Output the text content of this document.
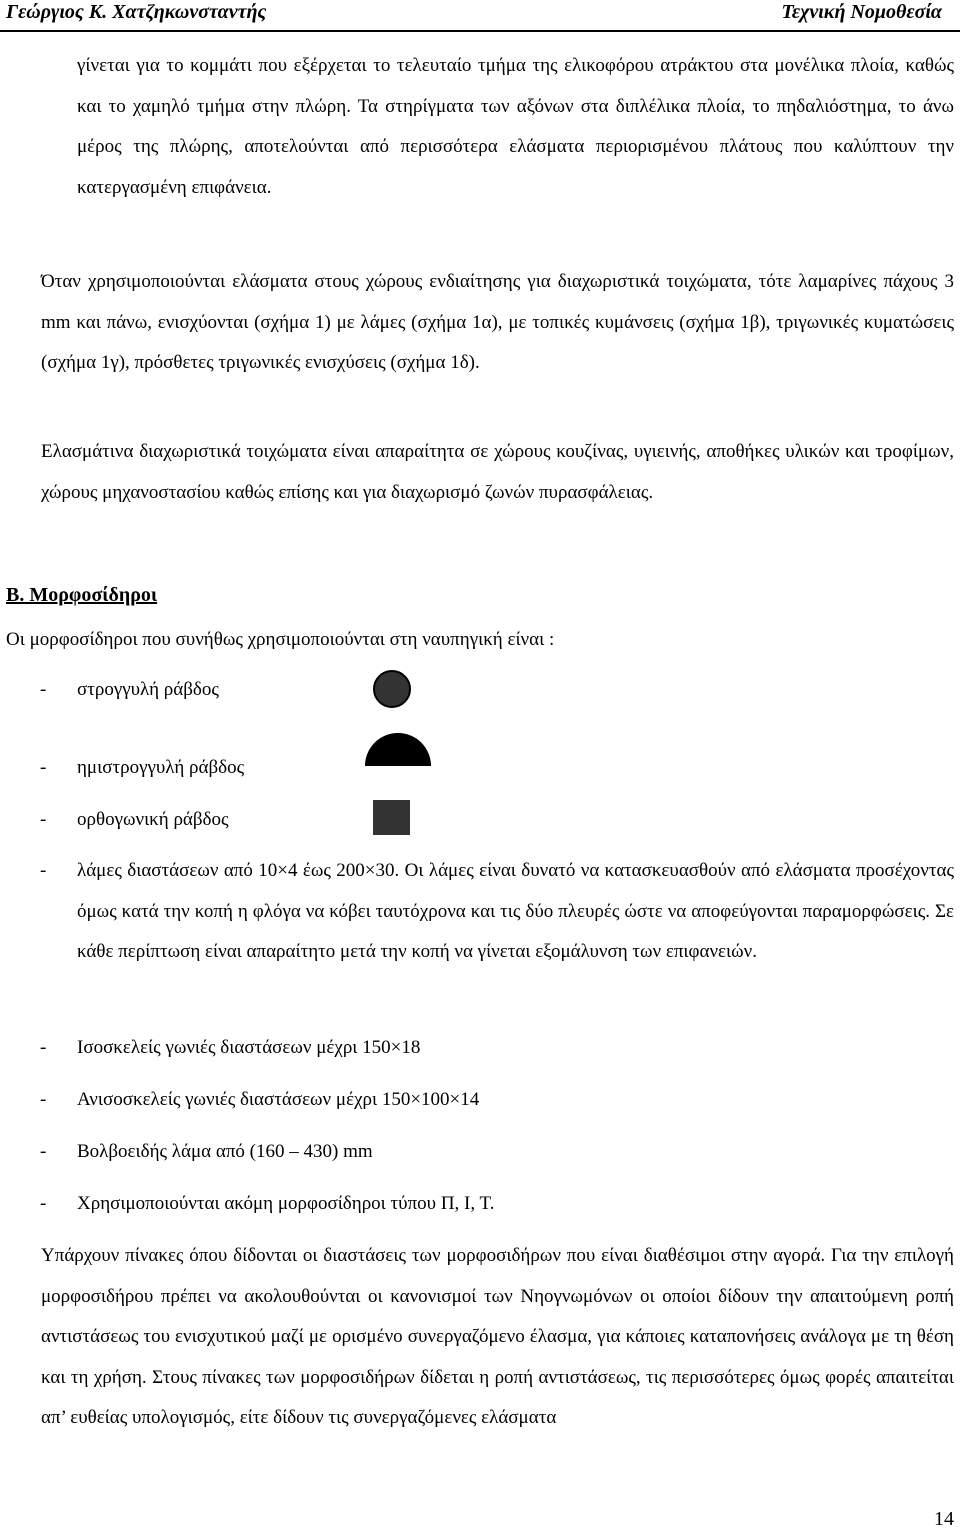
Γεώργιος Κ. Χατζηκωνσταντής	Τεχνική Νομοθεσία

γίνεται για το κομμάτι που εξέρχεται το τελευταίο τμήμα της ελικοφόρου ατράκτου στα μονέλικα πλοία, καθώς και το χαμηλό τμήμα στην πλώρη. Τα στηρίγματα των αξόνων στα διπλέλικα πλοία, το πηδαλιόστημα, το άνω μέρος της πλώρης, αποτελούνται από περισσότερα ελάσματα περιορισμένου πλάτους που καλύπτουν την κατεργασμένη επιφάνεια.

Όταν χρησιμοποιούνται ελάσματα στους χώρους ενδιαίτησης για διαχωριστικά τοιχώματα, τότε λαμαρίνες πάχους 3 mm και πάνω, ενισχύονται (σχήμα 1) με λάμες (σχήμα 1α), με τοπικές κυμάνσεις (σχήμα 1β), τριγωνικές κυματώσεις (σχήμα 1γ), πρόσθετες τριγωνικές ενισχύσεις (σχήμα 1δ).

Ελασμάτινα διαχωριστικά τοιχώματα είναι απαραίτητα σε χώρους κουζίνας, υγιεινής, αποθήκες υλικών και τροφίμων, χώρους μηχανοστασίου καθώς επίσης και για διαχωρισμό ζωνών πυρασφάλειας.

Β. Μορφοσίδηροι
Οι μορφοσίδηροι που συνήθως χρησιμοποιούνται στη ναυπηγική είναι :
- στρογγυλή ράβδος
- ημιστρογγυλή ράβδος
- ορθογωνική ράβδος
- λάμες διαστάσεων από 10×4 έως 200×30. Οι λάμες είναι δυνατό να κατασκευασθούν από ελάσματα προσέχοντας όμως κατά την κοπή η φλόγα να κόβει ταυτόχρονα και τις δύο πλευρές ώστε να αποφεύγονται παραμορφώσεις. Σε κάθε περίπτωση είναι απαραίτητο μετά την κοπή να γίνεται εξομάλυνση των επιφανειών.
- Ισοσκελείς γωνιές διαστάσεων μέχρι 150×18
- Ανισοσκελείς γωνιές διαστάσεων μέχρι 150×100×14
- Βολβοειδής λάμα από (160 – 430) mm
- Χρησιμοποιούνται ακόμη μορφοσίδηροι τύπου Π, Ι, Τ.

Υπάρχουν πίνακες όπου δίδονται οι διαστάσεις των μορφοσιδήρων που είναι διαθέσιμοι στην αγορά. Για την επιλογή μορφοσιδήρου πρέπει να ακολουθούνται οι κανονισμοί των Νηογνωμόνων οι οποίοι δίδουν την απαιτούμενη ροπή αντιστάσεως του ενισχυτικού μαζί με ορισμένο συνεργαζόμενο έλασμα, για κάποιες καταπονήσεις ανάλογα με τη θέση και τη χρήση. Στους πίνακες των μορφοσιδήρων δίδεται η ροπή αντιστάσεως, τις περισσότερες όμως φορές απαιτείται απ’ ευθείας υπολογισμός, είτε δίδουν τις συνεργαζόμενες ελάσματα

14
